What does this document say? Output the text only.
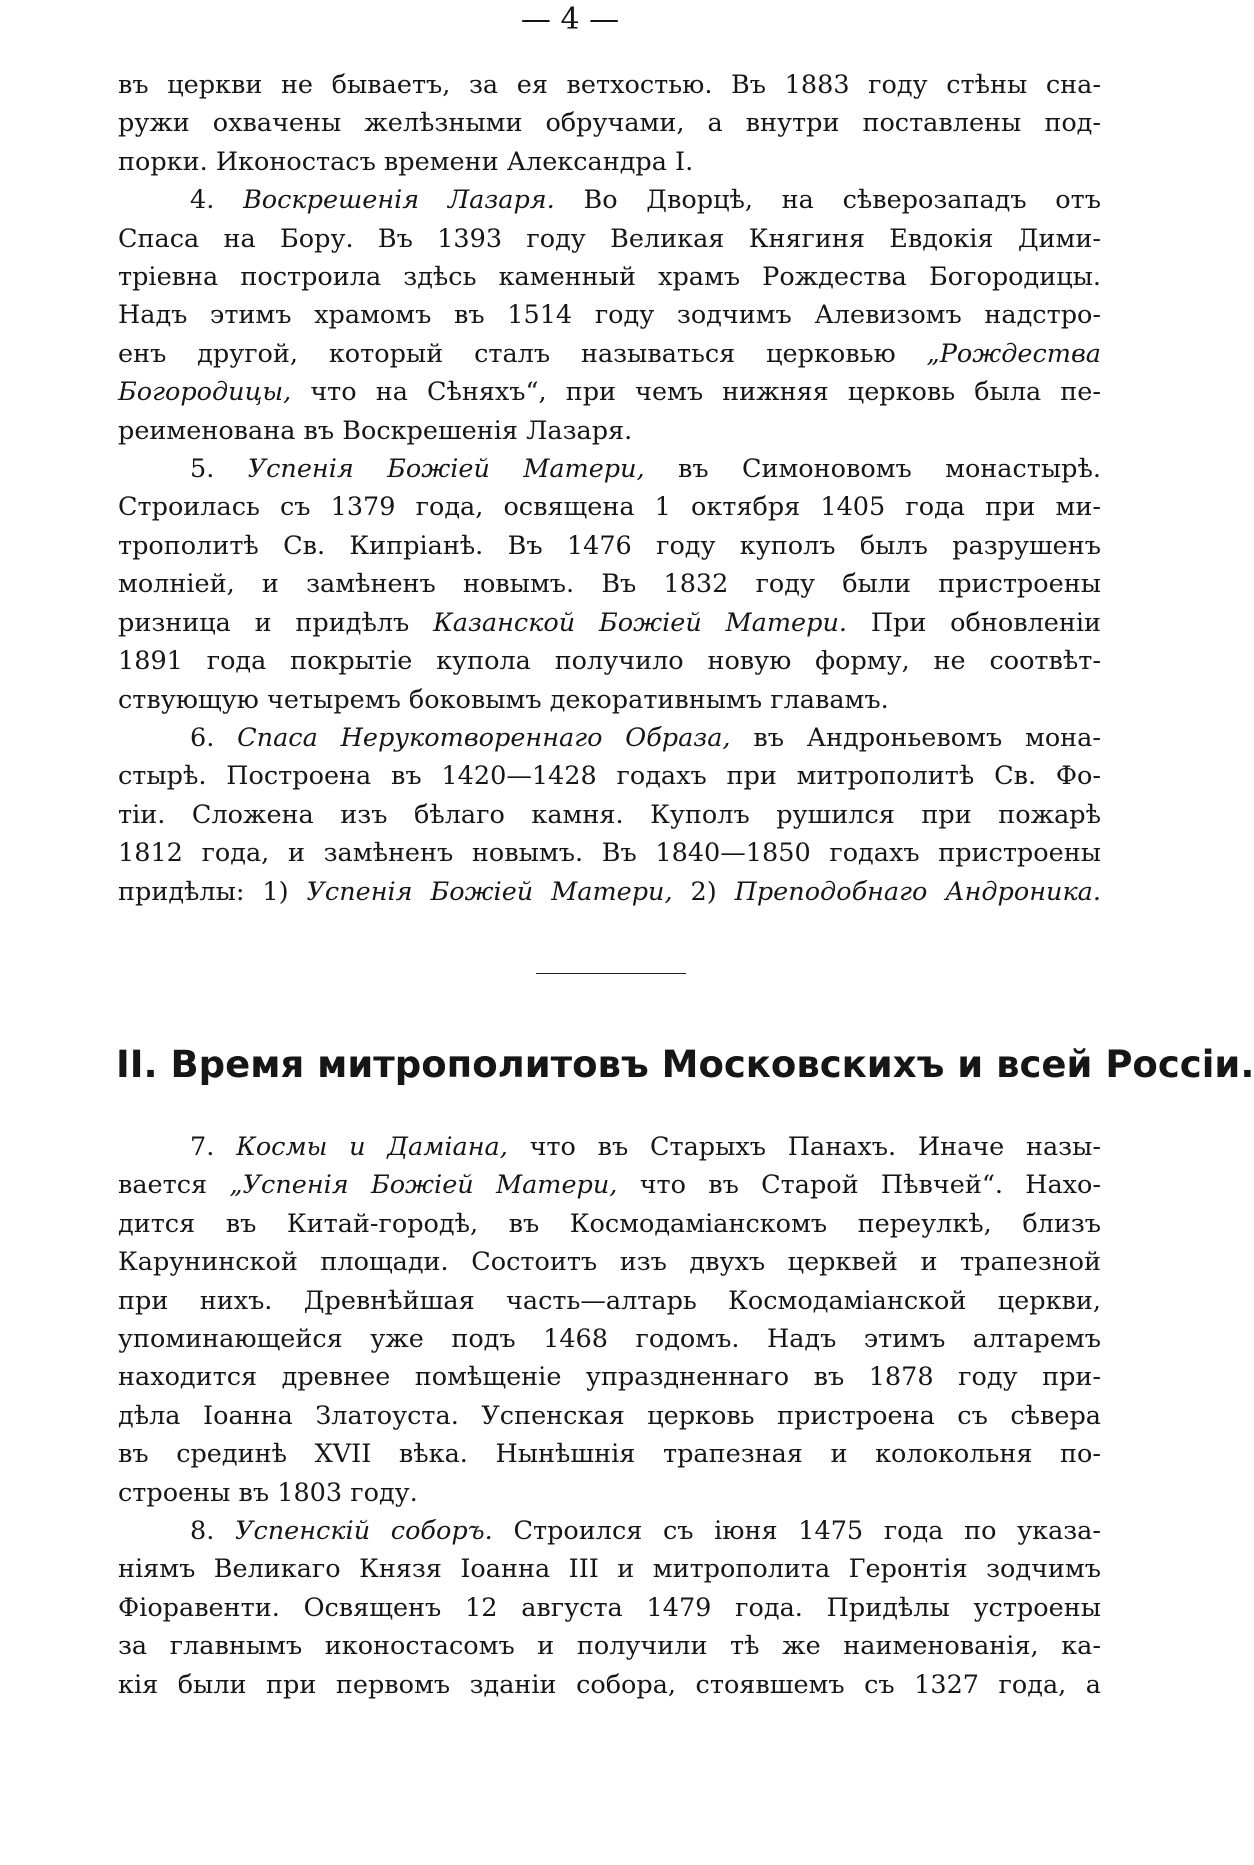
— 4 —

въ церкви не бываетъ, за ея ветхостью. Въ 1883 году стѣны сна-

ружи охвачены желѣзными обручами, а внутри поставлены под-

порки. Иконостасъ времени Александра I.

4. Воскрешенія Лазаря. Во Дворцѣ, на сѣверозападъ отъ

Спаса на Бору. Въ 1393 году Великая Княгиня Евдокія Дими-

тріевна построила здѣсь каменный храмъ Рождества Богородицы.

Надъ этимъ храмомъ въ 1514 году зодчимъ Алевизомъ надстро-

енъ другой, который сталъ называться церковью „Рождества

Богородицы, что на Сѣняхъ“, при чемъ нижняя церковь была пе-

реименована въ Воскрешенія Лазаря.

5. Успенія Божіей Матери, въ Симоновомъ монастырѣ.

Строилась съ 1379 года, освящена 1 октября 1405 года при ми-

трополитѣ Св. Кипріанѣ. Въ 1476 году куполъ былъ разрушенъ

молніей, и замѣненъ новымъ. Въ 1832 году были пристроены

ризница и придѣлъ Казанской Божіей Матери. При обновленіи

1891 года покрытіе купола получило новую форму, не соотвѣт-

ствующую четыремъ боковымъ декоративнымъ главамъ.

6. Спаса Нерукотвореннаго Образа, въ Андроньевомъ мона-

стырѣ. Построена въ 1420—1428 годахъ при митрополитѣ Св. Фо-

тіи. Сложена изъ бѣлаго камня. Куполъ рушился при пожарѣ

1812 года, и замѣненъ новымъ. Въ 1840—1850 годахъ пристроены

придѣлы: 1) Успенія Божіей Матери, 2) Преподобнаго Андроника.

II. Время митрополитовъ Московскихъ и всей Россіи.

7. Космы и Даміана, что въ Старыхъ Панахъ. Иначе назы-

вается „Успенія Божіей Матери, что въ Старой Пѣвчей“. Нахо-

дится въ Китай-городѣ, въ Космодаміанскомъ переулкѣ, близъ

Карунинской площади. Состоитъ изъ двухъ церквей и трапезной

при нихъ. Древнѣйшая часть—алтарь Космодаміанской церкви,

упоминающейся уже подъ 1468 годомъ. Надъ этимъ алтаремъ

находится древнее помѣщеніе упраздненнаго въ 1878 году при-

дѣла Іоанна Златоуста. Успенская церковь пристроена съ сѣвера

въ срединѣ XVII вѣка. Нынѣшнія трапезная и колокольня по-

строены въ 1803 году.

8. Успенскій соборъ. Строился съ іюня 1475 года по указа-

ніямъ Великаго Князя Іоанна III и митрополита Геронтія зодчимъ

Фіоравенти. Освященъ 12 августа 1479 года. Придѣлы устроены

за главнымъ иконостасомъ и получили тѣ же наименованія, ка-

кія были при первомъ зданіи собора, стоявшемъ съ 1327 года, а
